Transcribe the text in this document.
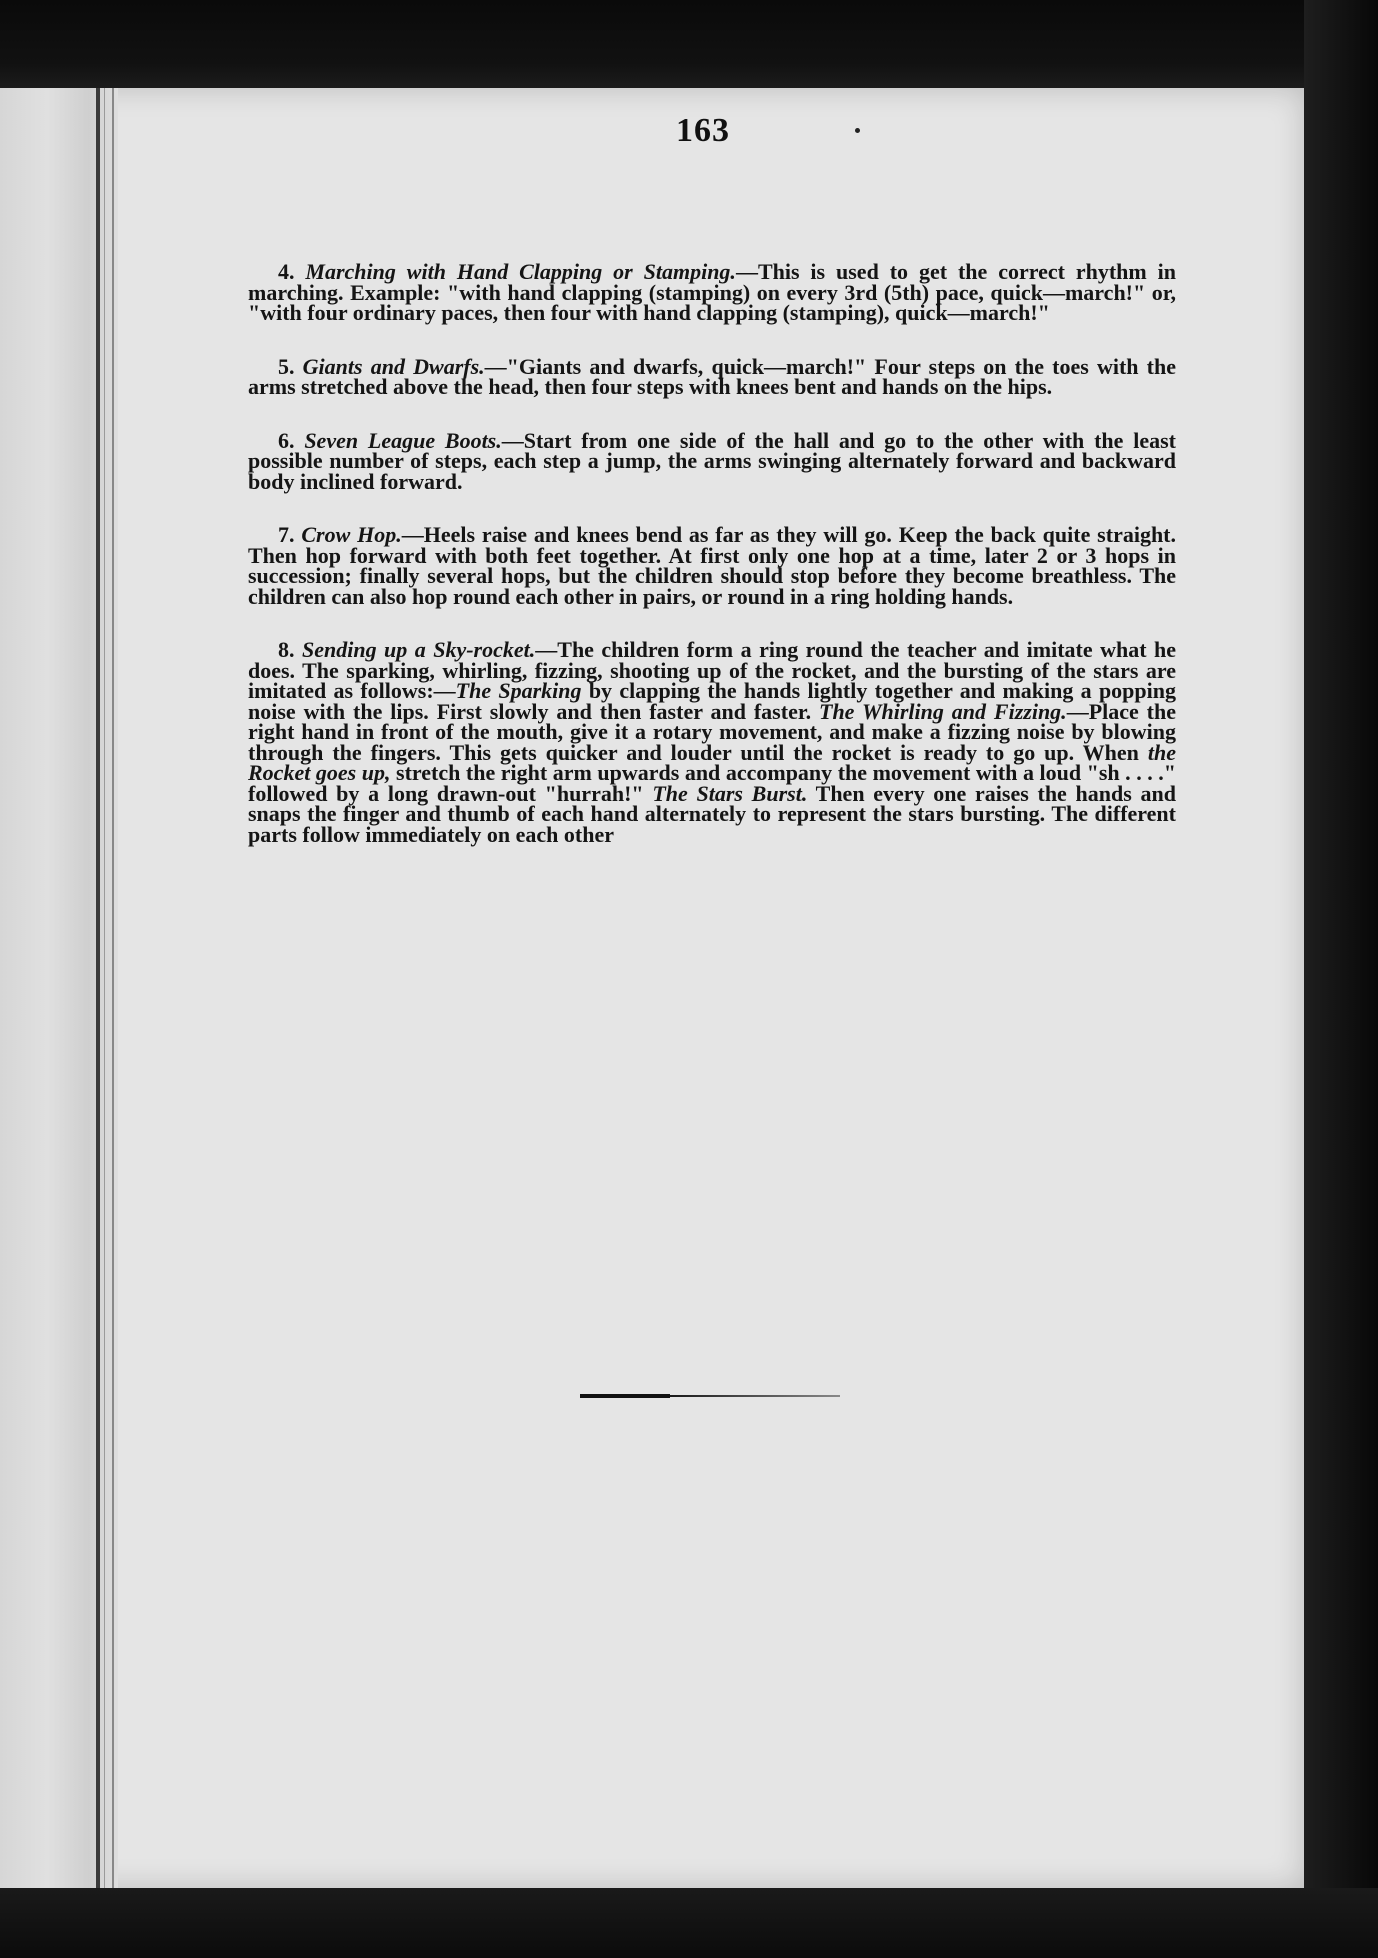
163

4. Marching with Hand Clapping or Stamping.—This is used to get the correct rhythm in marching. Example: "with hand clapping (stamping) on every 3rd (5th) pace, quick—march!" or, "with four ordinary paces, then four with hand clapping (stamping), quick—march!"

5. Giants and Dwarfs.—"Giants and dwarfs, quick—march!" Four steps on the toes with the arms stretched above the head, then four steps with knees bent and hands on the hips.

6. Seven League Boots.—Start from one side of the hall and go to the other with the least possible number of steps, each step a jump, the arms swinging alternately forward and backward body inclined forward.

7. Crow Hop.—Heels raise and knees bend as far as they will go. Keep the back quite straight. Then hop forward with both feet together. At first only one hop at a time, later 2 or 3 hops in succession; finally several hops, but the children should stop before they become breathless. The children can also hop round each other in pairs, or round in a ring holding hands.

8. Sending up a Sky-rocket.—The children form a ring round the teacher and imitate what he does. The sparking, whirling, fizzing, shooting up of the rocket, and the bursting of the stars are imitated as follows:—The Sparking by clapping the hands lightly together and making a popping noise with the lips. First slowly and then faster and faster. The Whirling and Fizzing.—Place the right hand in front of the mouth, give it a rotary movement, and make a fizzing noise by blowing through the fingers. This gets quicker and louder until the rocket is ready to go up. When the Rocket goes up, stretch the right arm upwards and accompany the movement with a loud "sh . . . ." followed by a long drawn-out "hurrah!" The Stars Burst. Then every one raises the hands and snaps the finger and thumb of each hand alternately to represent the stars bursting. The different parts follow immediately on each other
